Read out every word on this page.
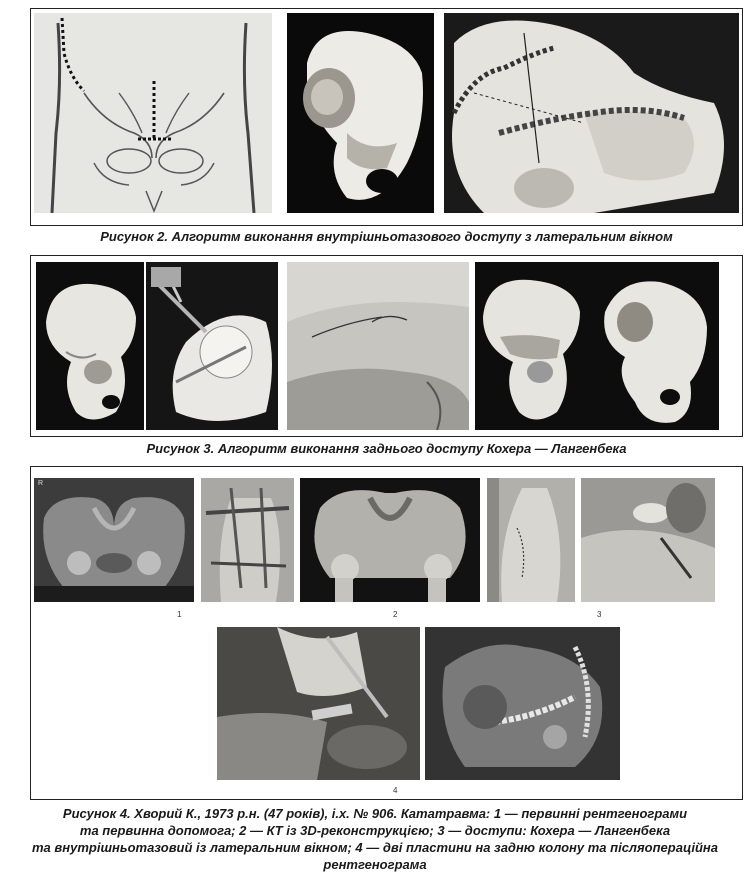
Рисунок 2. Алгоритм виконання внутрішньотазового доступу з латеральним вікном
Рисунок 3. Алгоритм виконання заднього доступу Кохера — Лангенбека
R
1	2	3
4
Рисунок 4. Хворий К., 1973 р.н. (47 років), і.х. № 906. Кататравма: 1 — первинні рентгенограми
та первинна допомога; 2 — КТ із 3D-реконструкцією; 3 — доступи: Кохера — Лангенбека
та внутрішньотазовий із латеральним вікном; 4 — дві пластини на задню колону та післяопераційна
рентгенограма
